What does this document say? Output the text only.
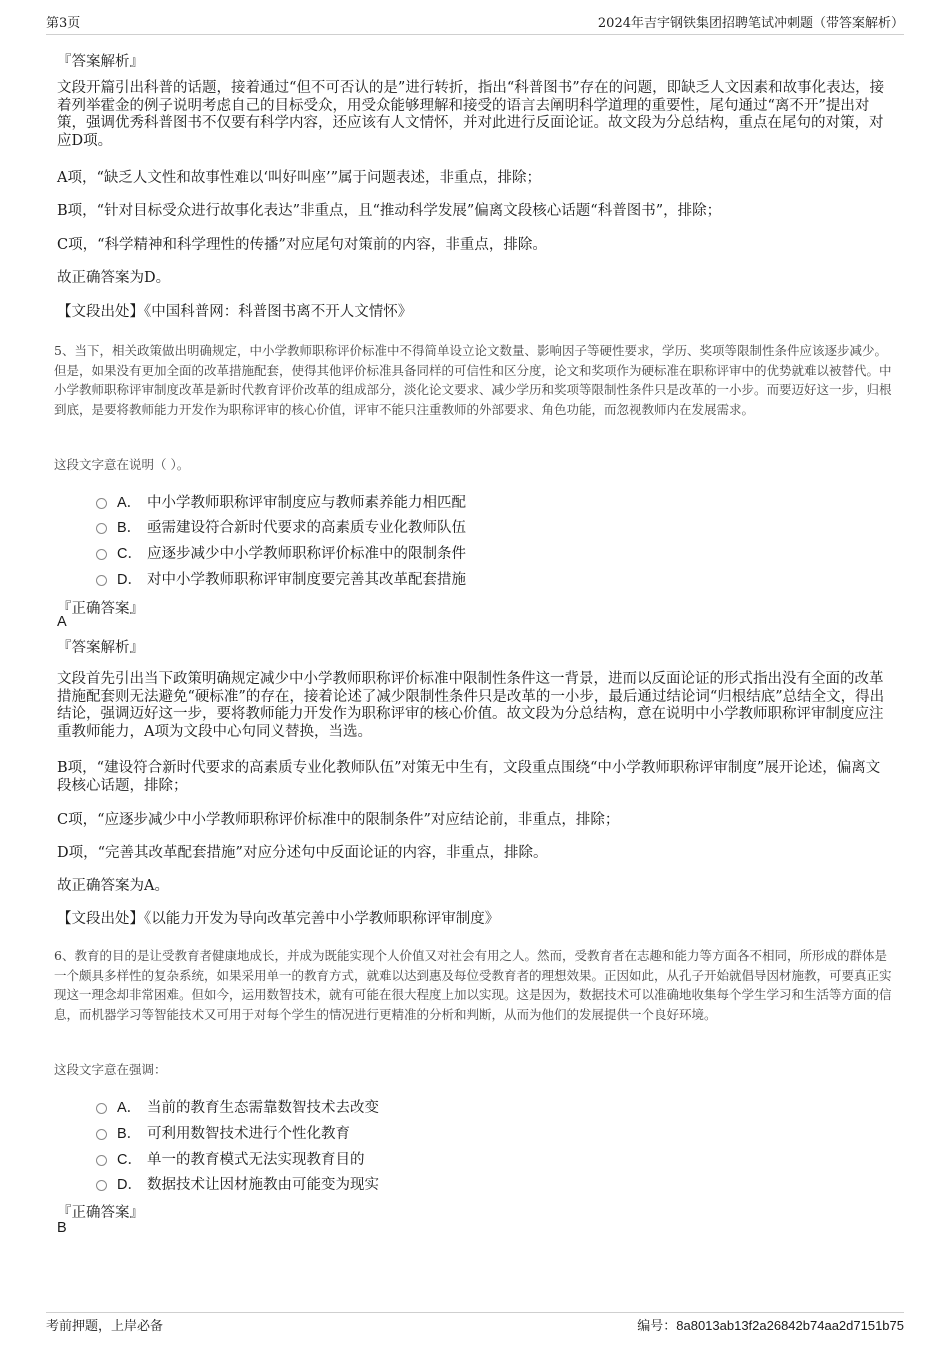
第3页	2024年吉宇钢铁集团招聘笔试冲刺题（带答案解析）
『答案解析』
文段开篇引出科普的话题，接着通过“但不可否认的是”进行转折，指出“科普图书”存在的问题，即缺乏人文因素和故事化表达，接着列举霍金的例子说明考虑自己的目标受众，用受众能够理解和接受的语言去阐明科学道理的重要性，尾句通过“离不开”提出对策，强调优秀科普图书不仅要有科学内容，还应该有人文情怀，并对此进行反面论证。故文段为分总结构，重点在尾句的对策，对应D项。
A项，“缺乏人文性和故事性难以‘叫好叫座’”属于问题表述，非重点，排除；
B项，“针对目标受众进行故事化表达”非重点，且“推动科学发展”偏离文段核心话题“科普图书”，排除；
C项，“科学精神和科学理性的传播”对应尾句对策前的内容，非重点，排除。
故正确答案为D。
【文段出处】《中国科普网：科普图书离不开人文情怀》
5、当下，相关政策做出明确规定，中小学教师职称评价标准中不得简单设立论文数量、影响因子等硬性要求，学历、奖项等限制性条件应该逐步减少。但是，如果没有更加全面的改革措施配套，使得其他评价标准具备同样的可信性和区分度，论文和奖项作为硬标准在职称评审中的优势就难以被替代。中小学教师职称评审制度改革是新时代教育评价改革的组成部分，淡化论文要求、减少学历和奖项等限制性条件只是改革的一小步。而要迈好这一步，归根到底，是要将教师能力开发作为职称评审的核心价值，评审不能只注重教师的外部要求、角色功能，而忽视教师内在发展需求。
这段文字意在说明（ ）。
A． 中小学教师职称评审制度应与教师素养能力相匹配
B． 亟需建设符合新时代要求的高素质专业化教师队伍
C． 应逐步减少中小学教师职称评价标准中的限制条件
D． 对中小学教师职称评审制度要完善其改革配套措施
『正确答案』
A
『答案解析』
文段首先引出当下政策明确规定减少中小学教师职称评价标准中限制性条件这一背景，进而以反面论证的形式指出没有全面的改革措施配套则无法避免“硬标准”的存在，接着论述了减少限制性条件只是改革的一小步，最后通过结论词“归根结底”总结全文，得出结论，强调迈好这一步，要将教师能力开发作为职称评审的核心价值。故文段为分总结构，意在说明中小学教师职称评审制度应注重教师能力，A项为文段中心句同义替换，当选。
B项，“建设符合新时代要求的高素质专业化教师队伍”对策无中生有，文段重点围绕“中小学教师职称评审制度”展开论述，偏离文段核心话题，排除；
C项，“应逐步减少中小学教师职称评价标准中的限制条件”对应结论前，非重点，排除；
D项，“完善其改革配套措施”对应分述句中反面论证的内容，非重点，排除。
故正确答案为A。
【文段出处】《以能力开发为导向改革完善中小学教师职称评审制度》
6、教育的目的是让受教育者健康地成长，并成为既能实现个人价值又对社会有用之人。然而，受教育者在志趣和能力等方面各不相同，所形成的群体是一个颇具多样性的复杂系统，如果采用单一的教育方式，就难以达到惠及每位受教育者的理想效果。正因如此，从孔子开始就倡导因材施教，可要真正实现这一理念却非常困难。但如今，运用数智技术，就有可能在很大程度上加以实现。这是因为，数据技术可以准确地收集每个学生学习和生活等方面的信息，而机器学习等智能技术又可用于对每个学生的情况进行更精准的分析和判断，从而为他们的发展提供一个良好环境。
这段文字意在强调：
A． 当前的教育生态需靠数智技术去改变
B． 可利用数智技术进行个性化教育
C． 单一的教育模式无法实现教育目的
D． 数据技术让因材施教由可能变为现实
『正确答案』
B
考前押题，上岸必备	编号：8a8013ab13f2a26842b74aa2d7151b75
